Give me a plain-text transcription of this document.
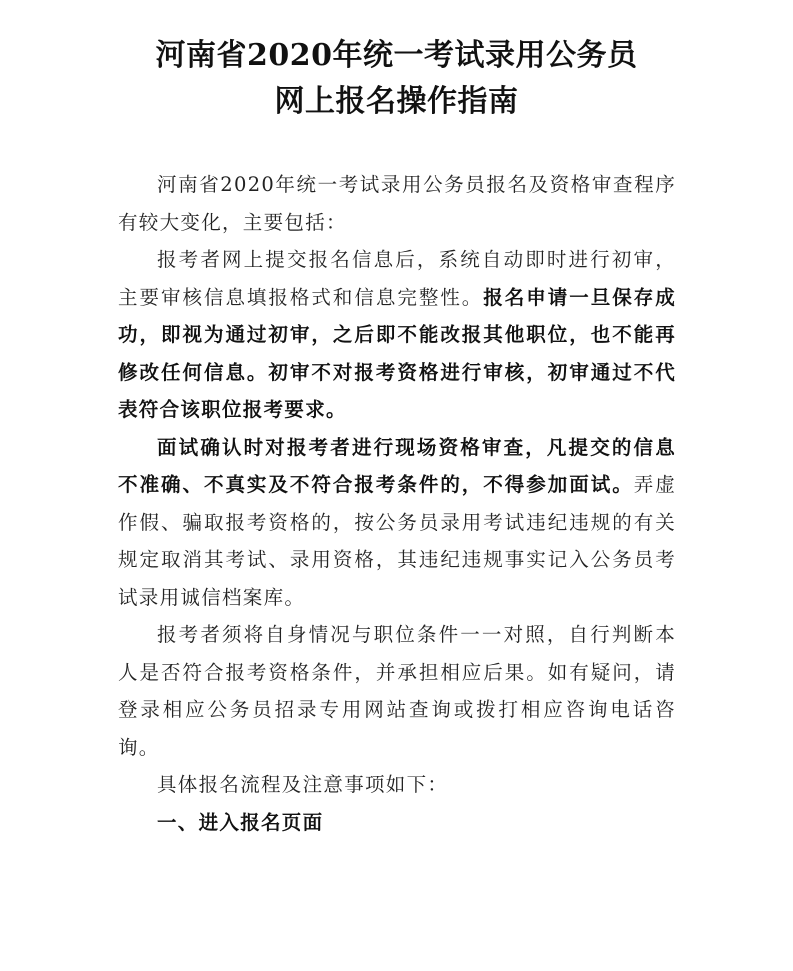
河南省2020年统一考试录用公务员
网上报名操作指南

河南省2020年统一考试录用公务员报名及资格审查程序有较大变化，主要包括：

报考者网上提交报名信息后，系统自动即时进行初审，主要审核信息填报格式和信息完整性。报名申请一旦保存成功，即视为通过初审，之后即不能改报其他职位，也不能再修改任何信息。初审不对报考资格进行审核，初审通过不代表符合该职位报考要求。

面试确认时对报考者进行现场资格审查，凡提交的信息不准确、不真实及不符合报考条件的，不得参加面试。弄虚作假、骗取报考资格的，按公务员录用考试违纪违规的有关规定取消其考试、录用资格，其违纪违规事实记入公务员考试录用诚信档案库。

报考者须将自身情况与职位条件一一对照，自行判断本人是否符合报考资格条件，并承担相应后果。如有疑问，请登录相应公务员招录专用网站查询或拨打相应咨询电话咨询。

具体报名流程及注意事项如下：

一、进入报名页面
